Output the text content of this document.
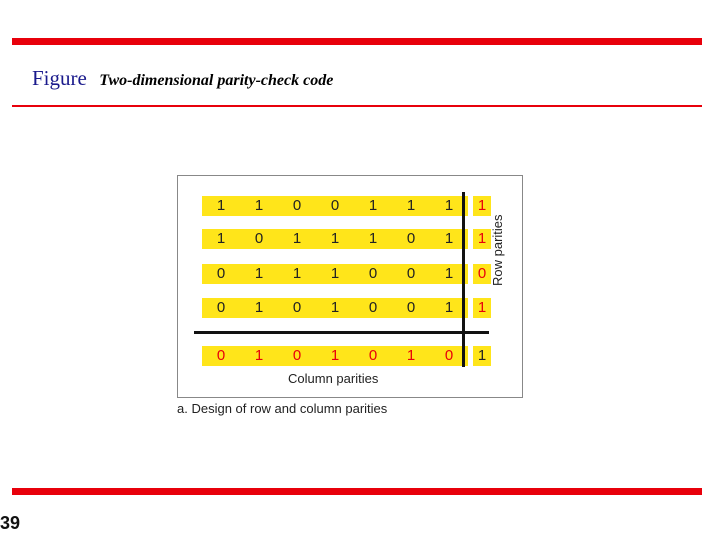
Figure Two-dimensional parity-check code
1	1	0	0	1	1	1	1
1	0	1	1	1	0	1	1
0	1	1	1	0	0	1	0
0	1	0	1	0	0	1	1
0	1	0	1	0	1	0	1
Row parities
Column parities
a. Design of row and column parities
39
